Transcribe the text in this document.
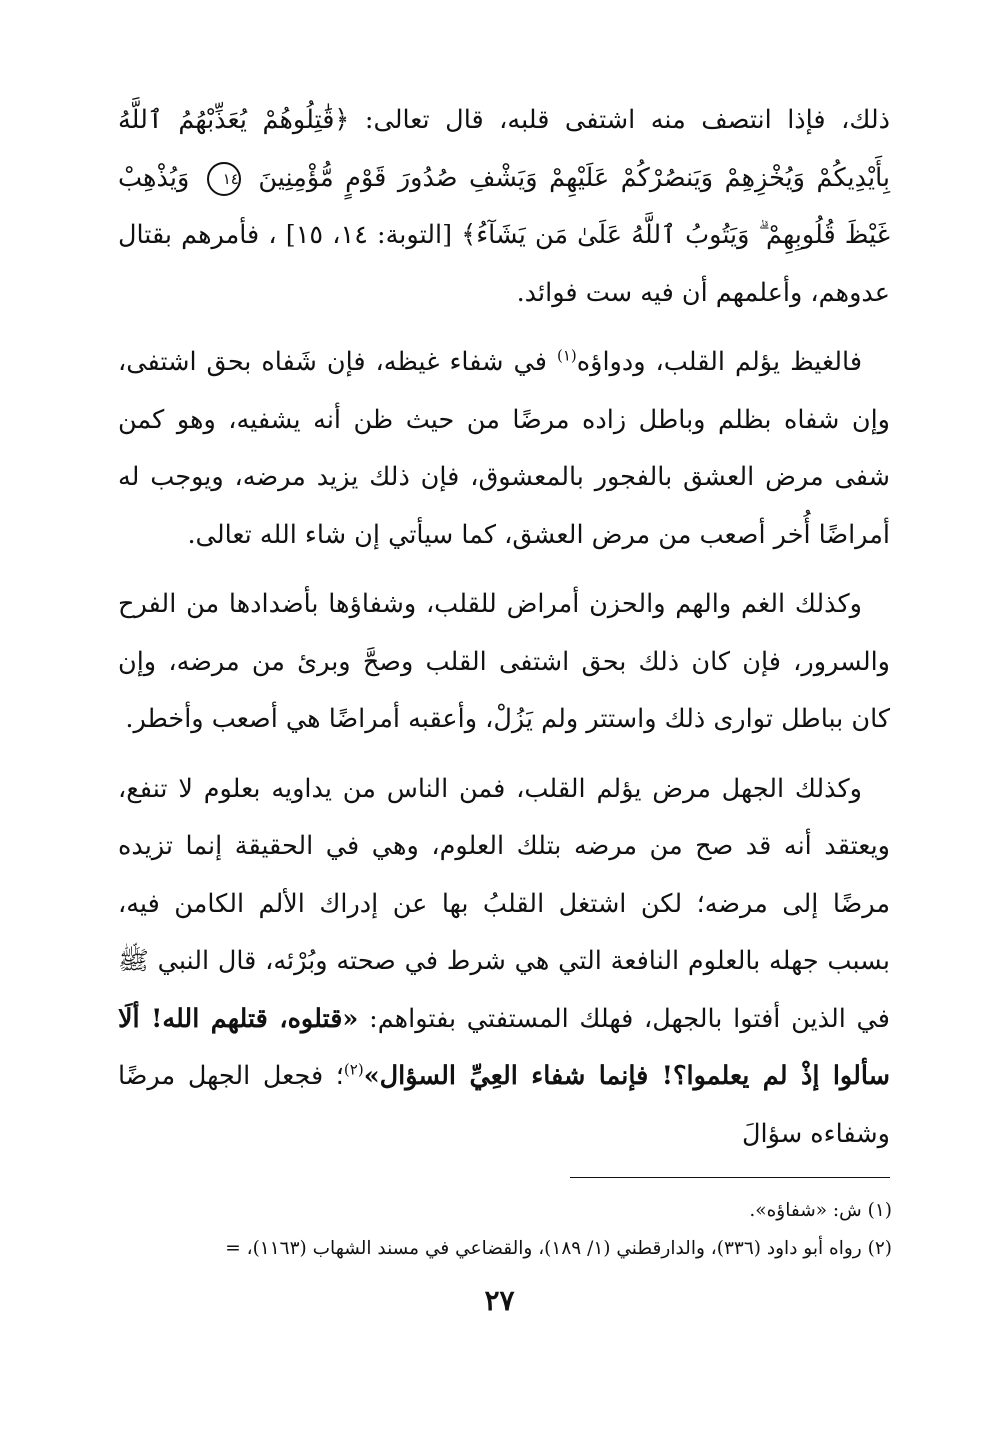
ذلك، فإذا انتصف منه اشتفى قلبه، قال تعالى: ﴿قَٰتِلُوهُمْ يُعَذِّبْهُمُ ٱللَّهُ بِأَيْدِيكُمْ وَيُخْزِهِمْ وَيَنصُرْكُمْ عَلَيْهِمْ وَيَشْفِ صُدُورَ قَوْمٍ مُّؤْمِنِينَ ١٤ وَيُذْهِبْ غَيْظَ قُلُوبِهِمْ ۗ وَيَتُوبُ ٱللَّهُ عَلَىٰ مَن يَشَآءُ﴾ [التوبة: ١٤، ١٥] ، فأمرهم بقتال عدوهم، وأعلمهم أن فيه ست فوائد.

فالغيظ يؤلم القلب، ودواؤه$^{(١)}$ في شفاء غيظه، فإن شَفاه بحق اشتفى، وإن شفاه بظلم وباطل زاده مرضًا من حيث ظن أنه يشفيه، وهو كمن شفى مرض العشق بالفجور بالمعشوق، فإن ذلك يزيد مرضه، ويوجب له أمراضًا أُخر أصعب من مرض العشق، كما سيأتي إن شاء الله تعالى.

وكذلك الغم والهم والحزن أمراض للقلب، وشفاؤها بأضدادها من الفرح والسرور، فإن كان ذلك بحق اشتفى القلب وصحَّ وبرئ من مرضه، وإن كان بباطل توارى ذلك واستتر ولم يَزُلْ، وأعقبه أمراضًا هي أصعب وأخطر.

وكذلك الجهل مرض يؤلم القلب، فمن الناس من يداويه بعلوم لا تنفع، ويعتقد أنه قد صح من مرضه بتلك العلوم، وهي في الحقيقة إنما تزيده مرضًا إلى مرضه؛ لكن اشتغل القلبُ بها عن إدراك الألم الكامن فيه، بسبب جهله بالعلوم النافعة التي هي شرط في صحته وبُرْئه، قال النبي ﷺ في الذين أفتوا بالجهل، فهلك المستفتي بفتواهم: «قتلوه، قتلهم الله! ألَا سألوا إذْ لم يعلموا؟! فإنما شفاء العِيِّ السؤال»$^{(٢)}$؛ فجعل الجهل مرضًا وشفاءه سؤالَ

(١) ش: «شفاؤه».

(٢) رواه أبو داود (٣٣٦)، والدارقطني (١/ ١٨٩)، والقضاعي في مسند الشهاب (١١٦٣)، =

٢٧
